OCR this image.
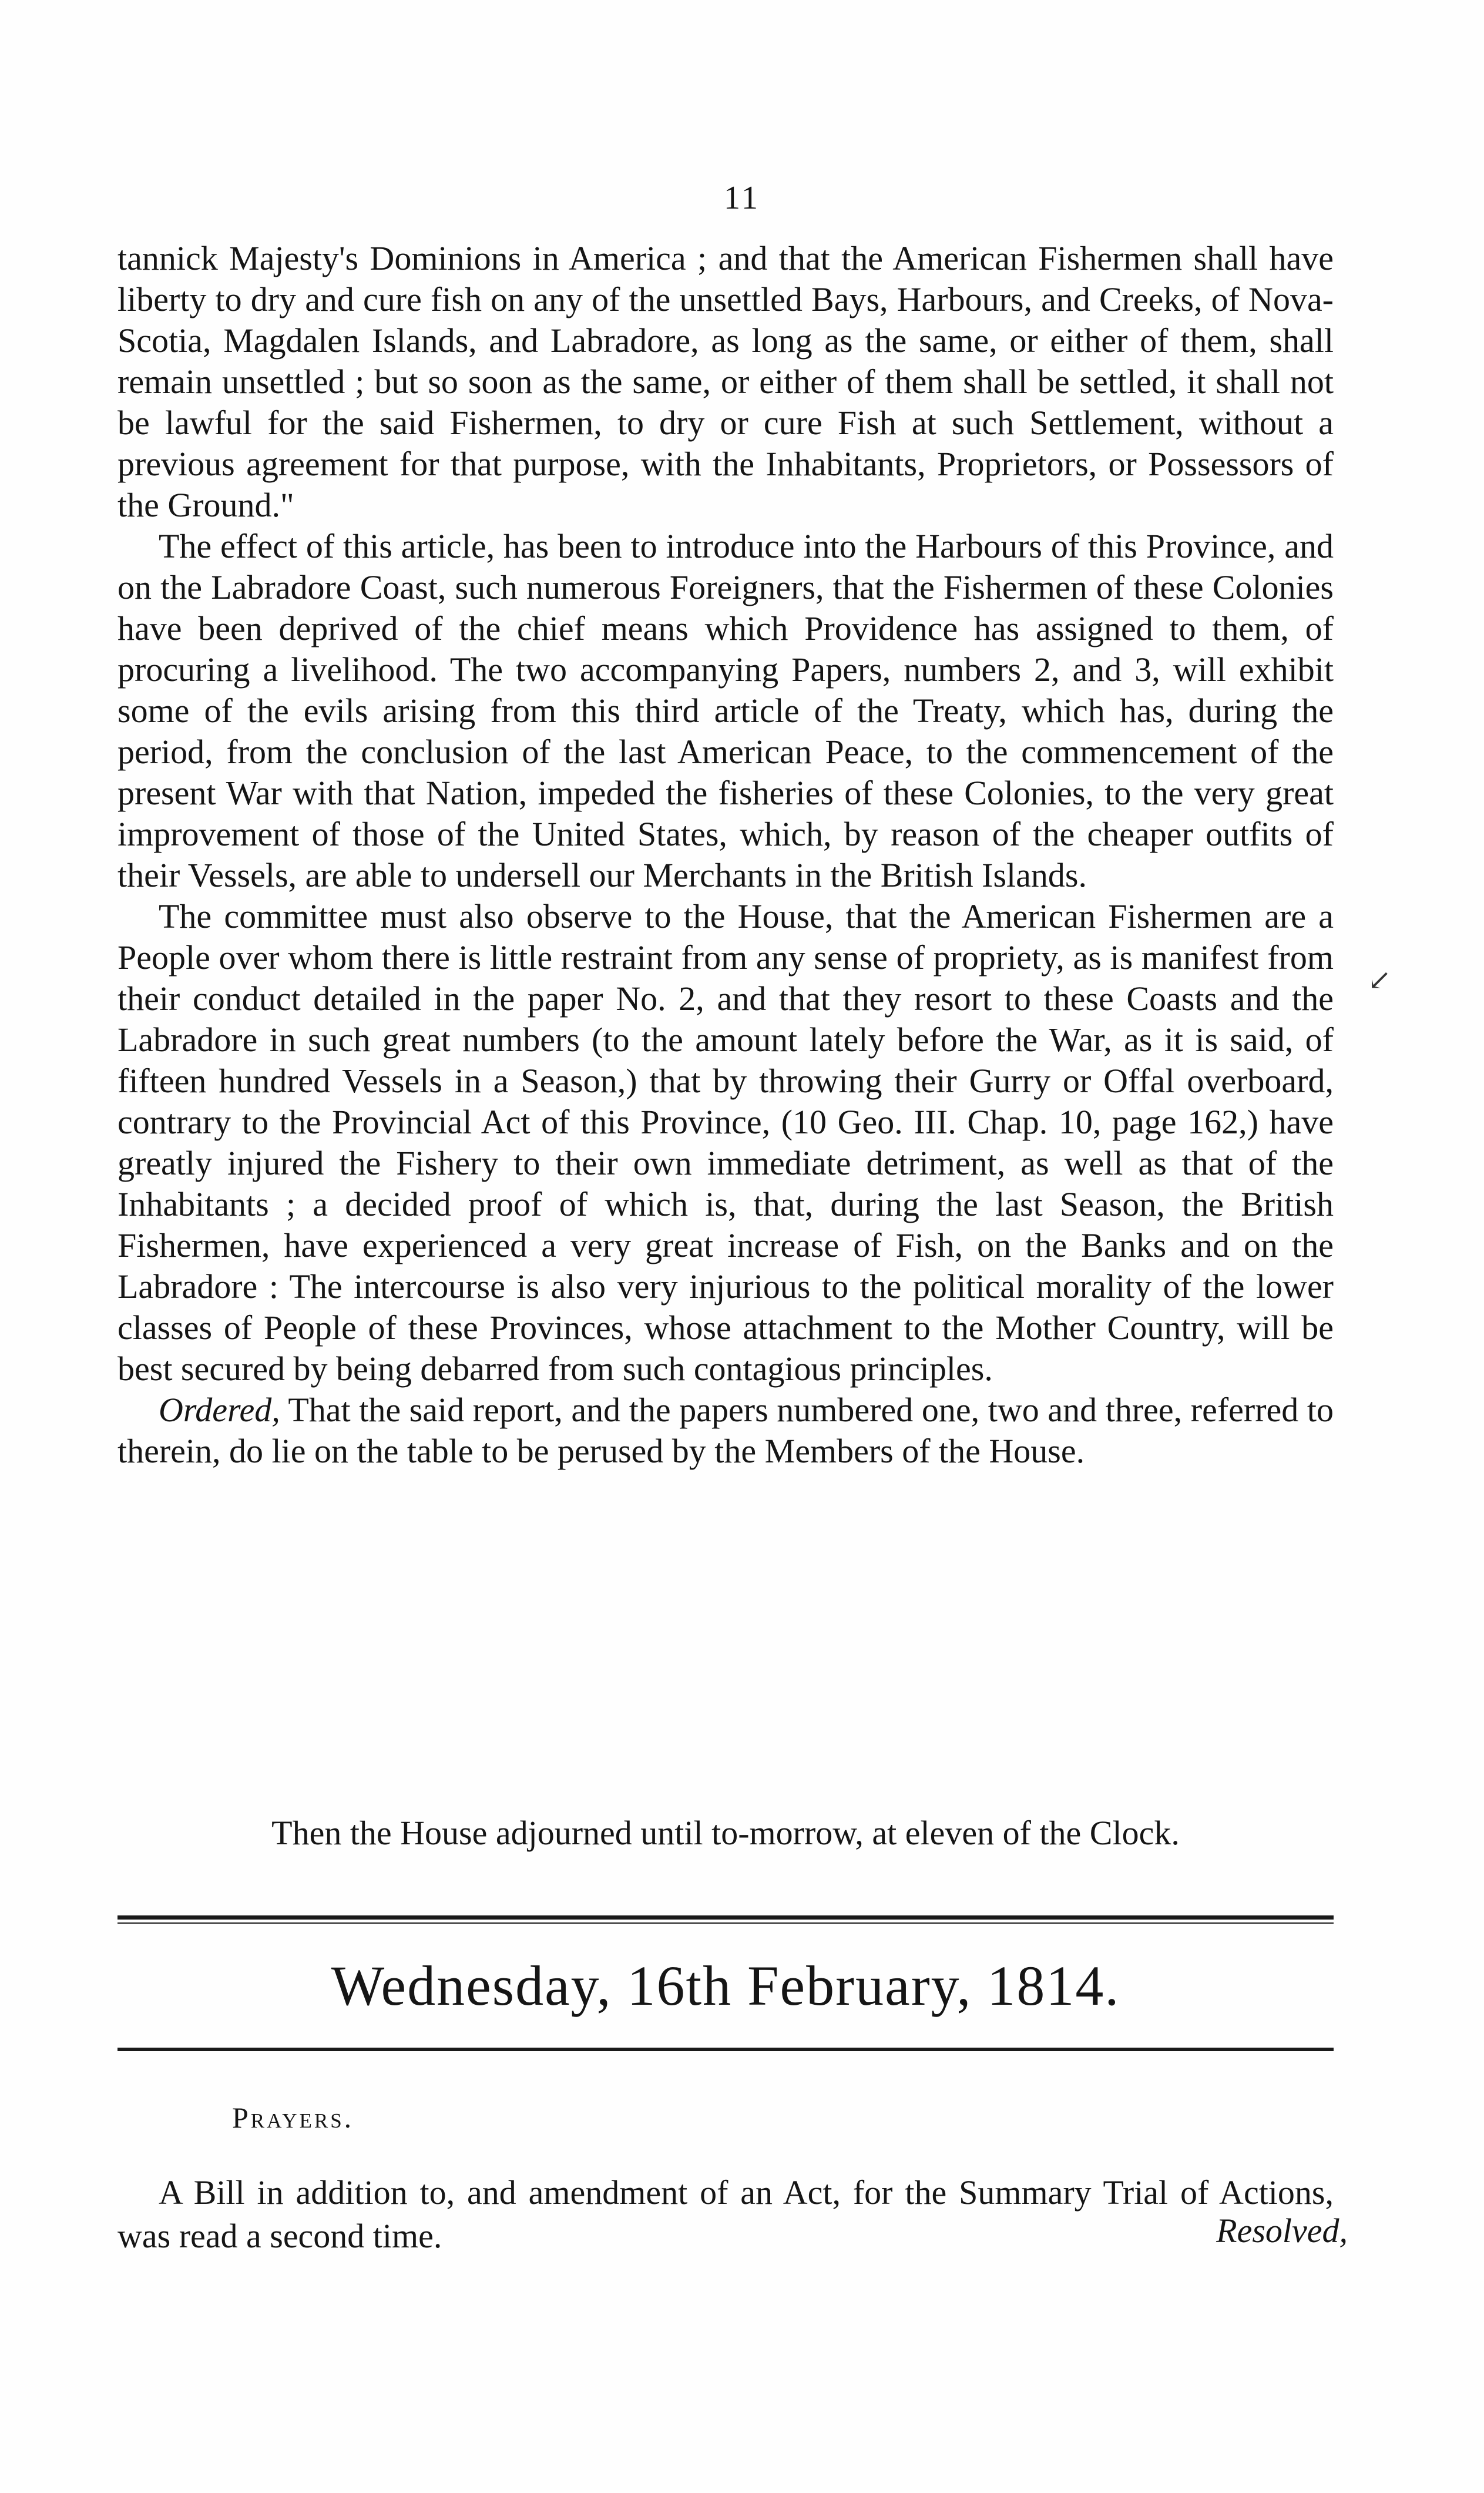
11

tannick Majesty's Dominions in America ; and that the American Fishermen shall have liberty to dry and cure fish on any of the unsettled Bays, Harbours, and Creeks, of Nova-Scotia, Magdalen Islands, and Labradore, as long as the same, or either of them, shall remain unsettled ; but so soon as the same, or either of them shall be settled, it shall not be lawful for the said Fishermen, to dry or cure Fish at such Settlement, without a previous agreement for that purpose, with the Inhabitants, Proprietors, or Possessors of the Ground."

The effect of this article, has been to introduce into the Harbours of this Province, and on the Labradore Coast, such numerous Foreigners, that the Fishermen of these Colonies have been deprived of the chief means which Providence has assigned to them, of procuring a livelihood. The two accompanying Papers, numbers 2, and 3, will exhibit some of the evils arising from this third article of the Treaty, which has, during the period, from the conclusion of the last American Peace, to the commencement of the present War with that Nation, impeded the fisheries of these Colonies, to the very great improvement of those of the United States, which, by reason of the cheaper outfits of their Vessels, are able to undersell our Merchants in the British Islands.

The committee must also observe to the House, that the American Fishermen are a People over whom there is little restraint from any sense of propriety, as is manifest from their conduct detailed in the paper No. 2, and that they resort to these Coasts and the Labradore in such great numbers (to the amount lately before the War, as it is said, of fifteen hundred Vessels in a Season,) that by throwing their Gurry or Offal overboard, contrary to the Provincial Act of this Province, (10 Geo. III. Chap. 10, page 162,) have greatly injured the Fishery to their own immediate detriment, as well as that of the Inhabitants ; a decided proof of which is, that, during the last Season, the British Fishermen, have experienced a very great increase of Fish, on the Banks and on the Labradore : The intercourse is also very injurious to the political morality of the lower classes of People of these Provinces, whose attachment to the Mother Country, will be best secured by being debarred from such contagious principles.

Ordered, That the said report, and the papers numbered one, two and three, referred to therein, do lie on the table to be perused by the Members of the House.

↙
Then the House adjourned until to-morrow, at eleven of the Clock.
Wednesday, 16th February, 1814.
Prayers.

A Bill in addition to, and amendment of an Act, for the Summary Trial of Actions, was read a second time.	Resolved,
